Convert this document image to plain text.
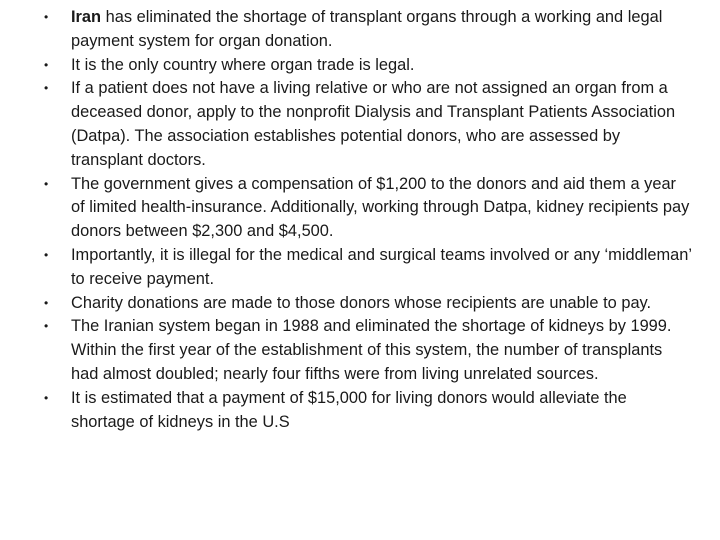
• Iran has eliminated the shortage of transplant organs through a working and legal payment system for organ donation.
• It is the only country where organ trade is legal.
• If a patient does not have a living relative or who are not assigned an organ from a deceased donor, apply to the nonprofit Dialysis and Transplant Patients Association (Datpa). The association establishes potential donors, who are assessed by transplant doctors.
• The government gives a compensation of $1,200 to the donors and aid them a year of limited health-insurance. Additionally, working through Datpa, kidney recipients pay donors between $2,300 and $4,500.
• Importantly, it is illegal for the medical and surgical teams involved or any ‘middleman’ to receive payment.
• Charity donations are made to those donors whose recipients are unable to pay.
• The Iranian system began in 1988 and eliminated the shortage of kidneys by 1999. Within the first year of the establishment of this system, the number of transplants had almost doubled; nearly four fifths were from living unrelated sources.
• It is estimated that a payment of $15,000 for living donors would alleviate the shortage of kidneys in the U.S
